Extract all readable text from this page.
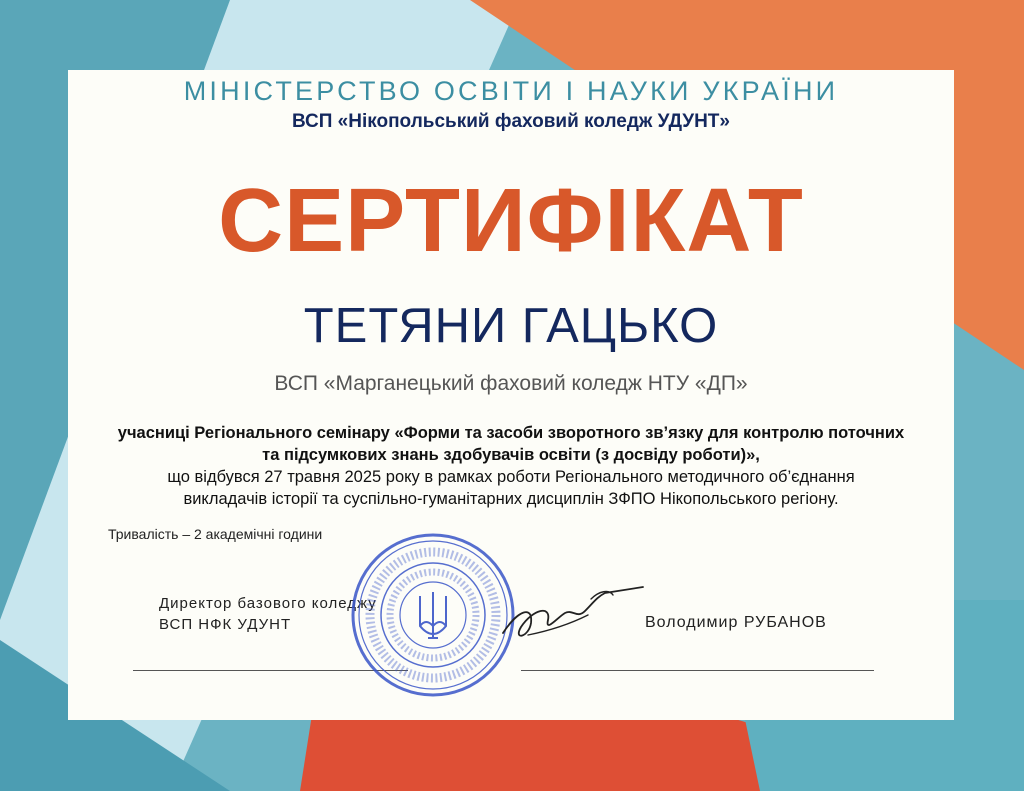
МІНІСТЕРСТВО ОСВІТИ І НАУКИ УКРАЇНИ
ВСП «Нікопольський фаховий коледж УДУНТ»
СЕРТИФІКАТ
ТЕТЯНИ ГАЦЬКО
ВСП «Марганецький фаховий коледж НТУ «ДП»
учасниці Регіонального семінару «Форми та засоби зворотного зв’язку для контролю поточних
та підсумкових знань здобувачів освіти (з досвіду роботи)»,
що відбувся 27 травня 2025 року в рамках роботи Регіонального методичного об’єднання
викладачів історії та суспільно-гуманітарних дисциплін ЗФПО Нікопольського регіону.
Тривалість – 2 академічні години
Директор базового коледжу
ВСП НФК УДУНТ	Володимир РУБАНОВ
